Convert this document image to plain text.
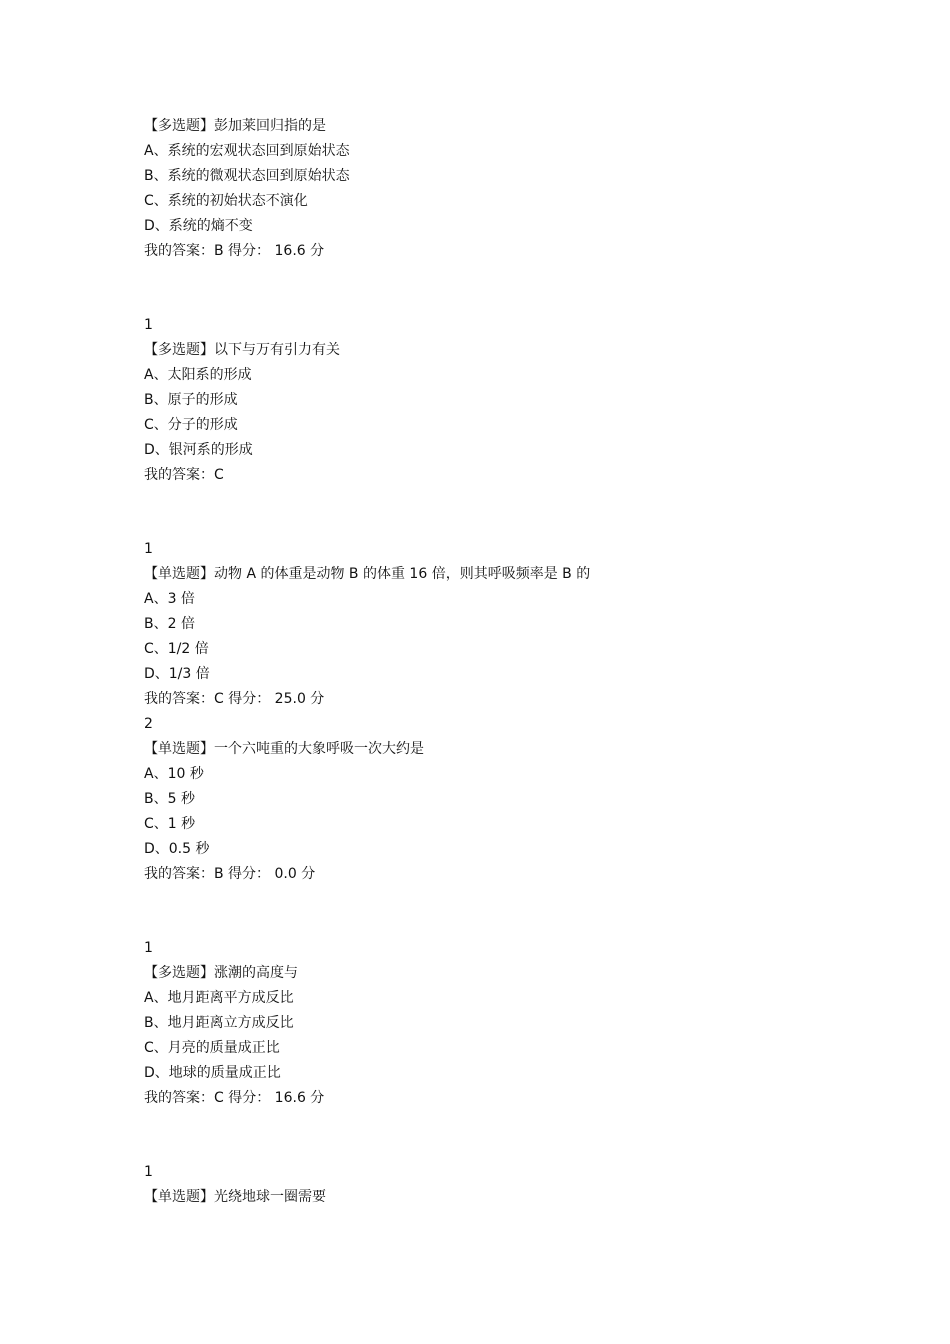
【多选题】彭加莱回归指的是
A、系统的宏观状态回到原始状态
B、系统的微观状态回到原始状态
C、系统的初始状态不演化
D、系统的熵不变
我的答案：B 得分： 16.6 分
1
【多选题】以下与万有引力有关
A、太阳系的形成
B、原子的形成
C、分子的形成
D、银河系的形成
我的答案：C
1
【单选题】动物 A 的体重是动物 B 的体重 16 倍，则其呼吸频率是 B 的
A、3 倍
B、2 倍
C、1/2 倍
D、1/3 倍
我的答案：C 得分： 25.0 分
2
【单选题】一个六吨重的大象呼吸一次大约是
A、10 秒
B、5 秒
C、1 秒
D、0.5 秒
我的答案：B 得分： 0.0 分
1
【多选题】涨潮的高度与
A、地月距离平方成反比
B、地月距离立方成反比
C、月亮的质量成正比
D、地球的质量成正比
我的答案：C 得分： 16.6 分
1
【单选题】光绕地球一圈需要
